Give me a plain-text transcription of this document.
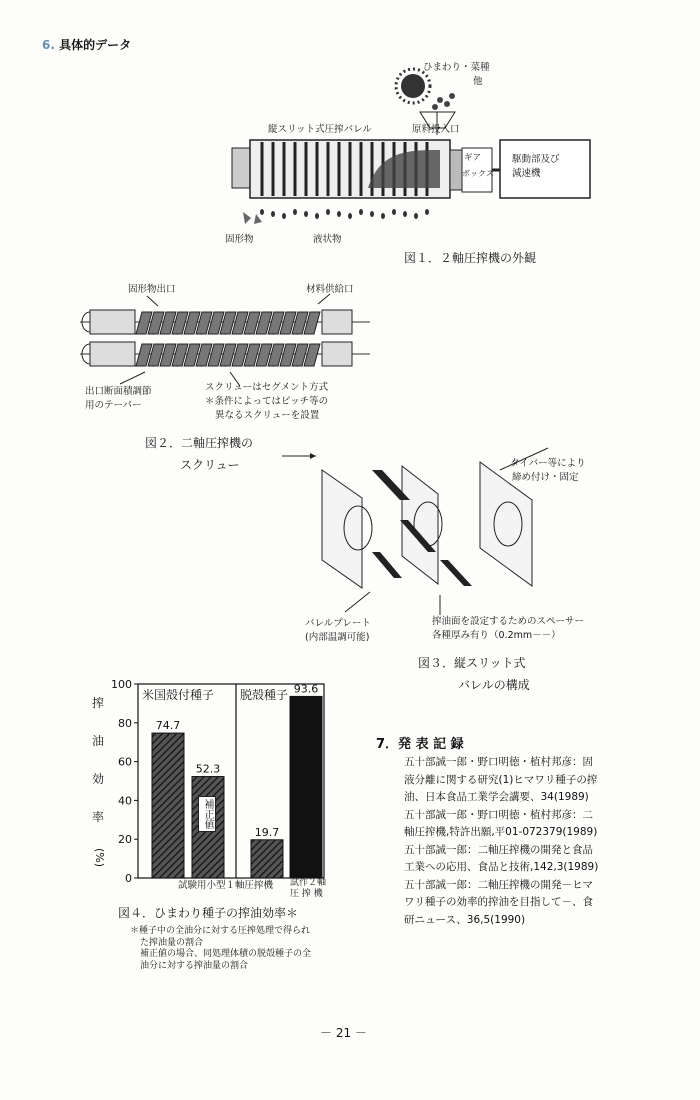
6. 具体的データ
ひまわり・菜種
他
縦スリット式圧搾バレル	原料投入口
ギア
ボックス
駆動部及び
減速機
固形物	液状物
図１．２軸圧搾機の外観
固形物出口	材料供給口
出口断面積調節
用のテーパー
スクリューはセグメント方式
＊条件によってはピッチ等の
異なるスクリューを設置
図２．二軸圧搾機の
スクリュー	タイバー等により
締め付け・固定
バレルプレート
(内部温調可能)
搾油面を設定するためのスペーサー
各種厚み有り（0.2mm－－）
図３．縦スリット式
バレルの構成
搾
油
効
率
(%)
0
20
40
60
80
100
74.7
52.3
19.7
93.6
米国殻付種子 脱殻種子
補正値
試験用小型１軸圧搾機 試作２軸
圧 搾 機
図４．ひまわり種子の搾油効率＊
＊種子中の全油分に対する圧搾処理で得られ
た搾油量の割合
補正値の場合、同処理体積の脱殻種子の全
油分に対する搾油量の割合
7．発 表 記 録
五十部誠一郎・野口明徳・植村邦彦：固
液分離に関する研究(1)ヒマワリ種子の搾
油、日本食品工業学会講要、34(1989)
五十部誠一郎・野口明徳・植村邦彦：二
軸圧搾機,特許出願,平01-072379(1989)
五十部誠一郎：二軸圧搾機の開発と食品
工業への応用、食品と技術,142,3(1989)
五十部誠一郎：二軸圧搾機の開発－ヒマ
ワリ種子の効率的搾油を目指して－、食
研ニュース、36,5(1990)
－ 21 －
